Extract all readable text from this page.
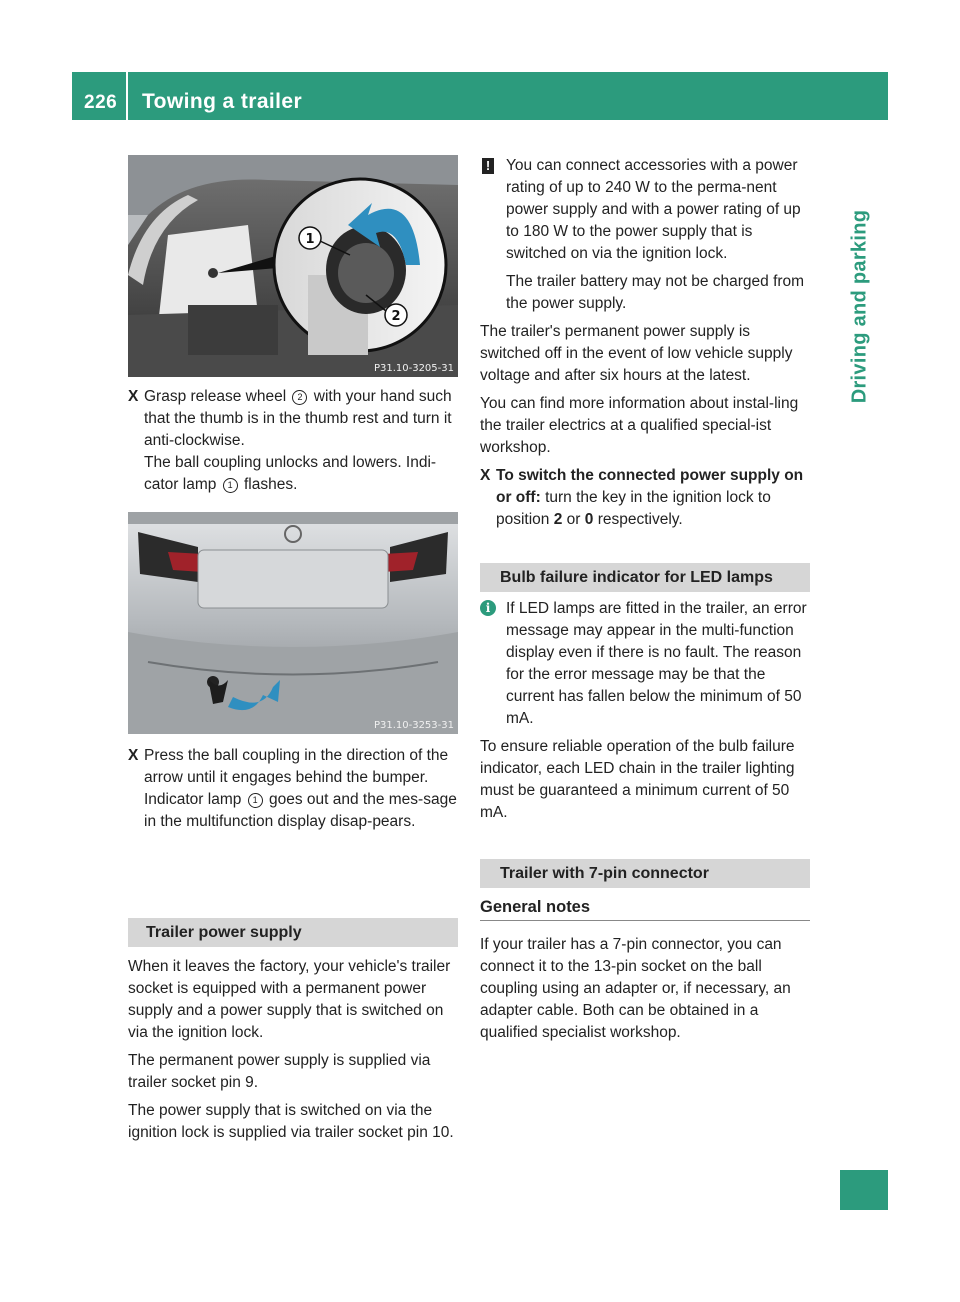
226 Towing a trailer
Driving and parking
1
2
P31.10-3205-31
P31.10-3253-31
X Grasp release wheel 2 with your hand such that the thumb is in the thumb rest and turn it anti-clockwise.

The ball coupling unlocks and lowers. Indi-cator lamp 1 flashes.

X Press the ball coupling in the direction of the arrow until it engages behind the bumper.

Indicator lamp 1 goes out and the mes-sage in the multifunction display disap-pears.

Trailer power supply

When it leaves the factory, your vehicle's trailer socket is equipped with a permanent power supply and a power supply that is switched on via the ignition lock.

The permanent power supply is supplied via trailer socket pin 9.

The power supply that is switched on via the ignition lock is supplied via trailer socket pin 10.

! You can connect accessories with a power rating of up to 240 W to the perma-nent power supply and with a power rating of up to 180 W to the power supply that is switched on via the ignition lock.

The trailer battery may not be charged from the power supply.

The trailer's permanent power supply is switched off in the event of low vehicle supply voltage and after six hours at the latest.

You can find more information about instal-ling the trailer electrics at a qualified special-ist workshop.

X To switch the connected power supply on or off: turn the key in the ignition lock to position 2 or 0 respectively.

Bulb failure indicator for LED lamps
i	If LED lamps are fitted in the trailer, an error message may appear in the multi-function display even if there is no fault. The reason for the error message may be that the current has fallen below the minimum of 50 mA.

To ensure reliable operation of the bulb failure indicator, each LED chain in the trailer lighting must be guaranteed a minimum current of 50 mA.

Trailer with 7-pin connector
General notes

If your trailer has a 7-pin connector, you can connect it to the 13-pin socket on the ball coupling using an adapter or, if necessary, an adapter cable. Both can be obtained in a qualified specialist workshop.
